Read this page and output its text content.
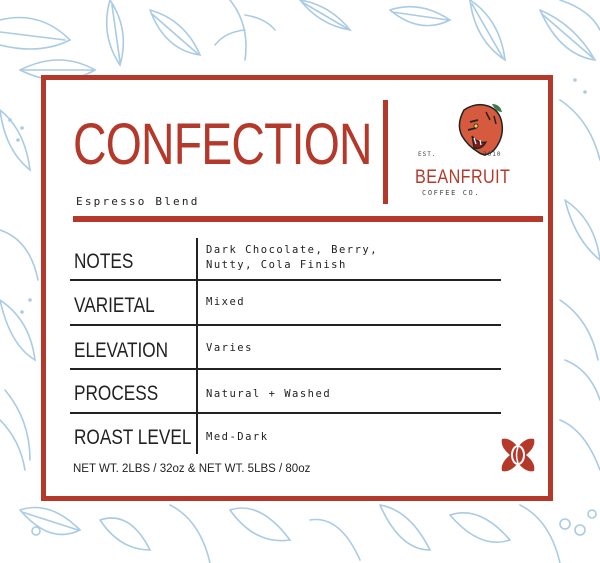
CONFECTION
Espresso Blend
EST.	2010
BEANFRUIT
COFFEE CO.
NOTES	Dark Chocolate, Berry,
Nutty, Cola Finish
VARIETAL	Mixed
ELEVATION	Varies
PROCESS	Natural + Washed
ROAST LEVEL Med-Dark
NET WT. 2LBS / 32oz & NET WT. 5LBS / 80oz
